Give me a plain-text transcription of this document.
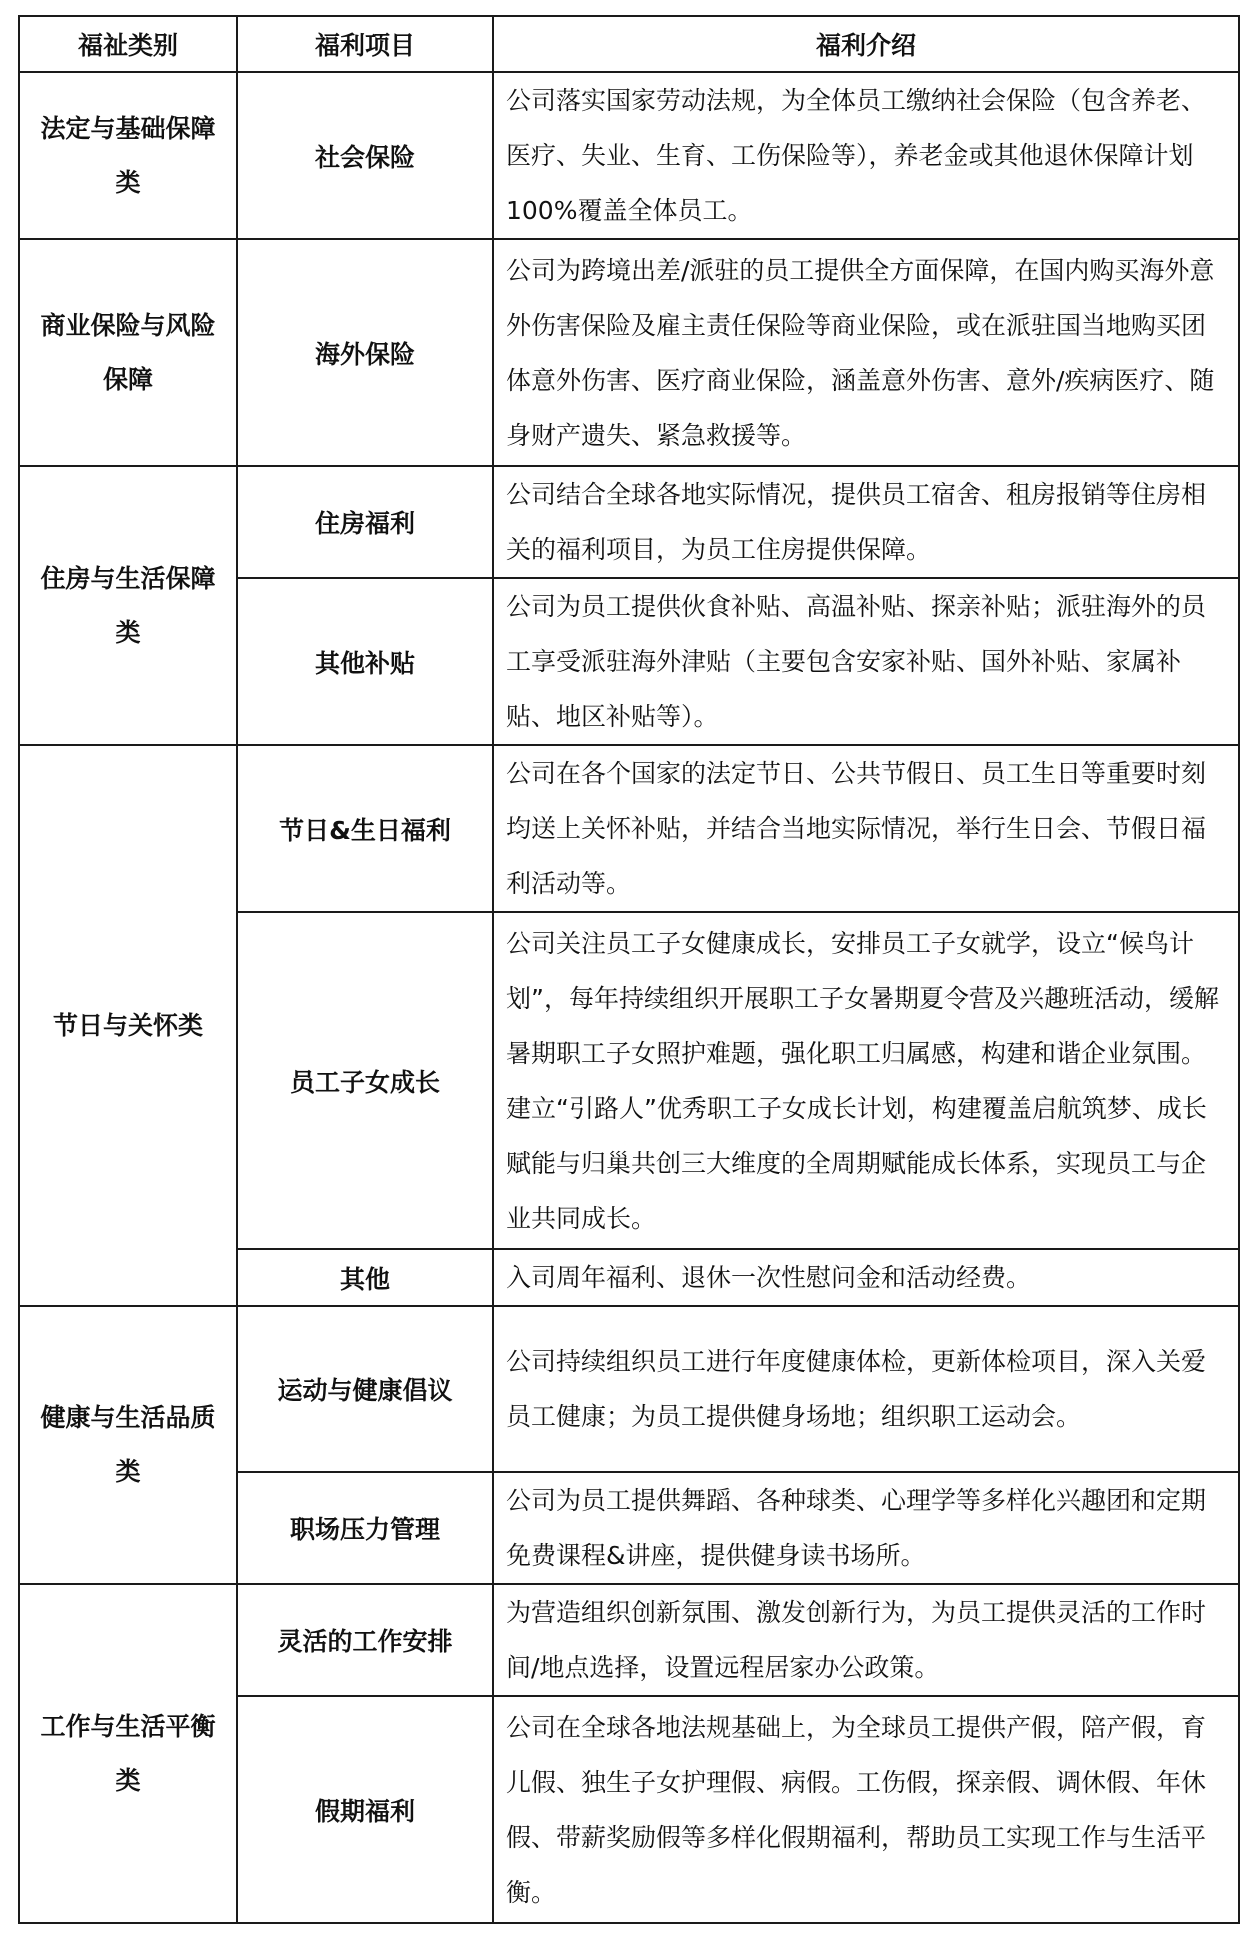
福祉类别	福利项目	福利介绍
法定与基础保障类	社会保险	公司落实国家劳动法规，为全体员工缴纳社会保险（包含养老、医疗、失业、生育、工伤保险等），养老金或其他退休保障计划 100%覆盖全体员工。
商业保险与风险保障	海外保险	公司为跨境出差/派驻的员工提供全方面保障，在国内购买海外意外伤害保险及雇主责任保险等商业保险，或在派驻国当地购买团体意外伤害、医疗商业保险，涵盖意外伤害、意外/疾病医疗、随身财产遗失、紧急救援等。
住房与生活保障类	住房福利	公司结合全球各地实际情况，提供员工宿舍、租房报销等住房相关的福利项目，为员工住房提供保障。
	其他补贴	公司为员工提供伙食补贴、高温补贴、探亲补贴；派驻海外的员工享受派驻海外津贴（主要包含安家补贴、国外补贴、家属补贴、地区补贴等）。
节日与关怀类	节日&生日福利	公司在各个国家的法定节日、公共节假日、员工生日等重要时刻均送上关怀补贴，并结合当地实际情况，举行生日会、节假日福利活动等。
	员工子女成长	公司关注员工子女健康成长，安排员工子女就学，设立“候鸟计划”，每年持续组织开展职工子女暑期夏令营及兴趣班活动，缓解暑期职工子女照护难题，强化职工归属感，构建和谐企业氛围。建立“引路人”优秀职工子女成长计划，构建覆盖启航筑梦、成长赋能与归巢共创三大维度的全周期赋能成长体系，实现员工与企业共同成长。
	其他	入司周年福利、退休一次性慰问金和活动经费。
健康与生活品质类	运动与健康倡议	公司持续组织员工进行年度健康体检，更新体检项目，深入关爱员工健康；为员工提供健身场地；组织职工运动会。
	职场压力管理	公司为员工提供舞蹈、各种球类、心理学等多样化兴趣团和定期免费课程&讲座，提供健身读书场所。
工作与生活平衡类	灵活的工作安排	为营造组织创新氛围、激发创新行为，为员工提供灵活的工作时间/地点选择，设置远程居家办公政策。
	假期福利	公司在全球各地法规基础上，为全球员工提供产假，陪产假，育儿假、独生子女护理假、病假。工伤假，探亲假、调休假、年休假、带薪奖励假等多样化假期福利，帮助员工实现工作与生活平衡。
